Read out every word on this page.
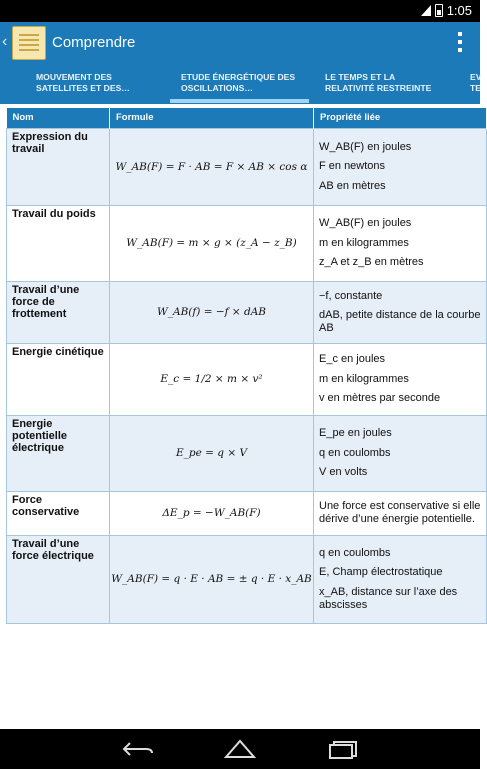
1:05
‹	Comprendre
MOUVEMENT DES
SATELLITES ET DES…
ETUDE ÉNERGÉTIQUE DES
OSCILLATIONS…
LE TEMPS ET LA
RELATIVITÉ RESTREINTE
EV
TE
Nom	Formule	Propriété liée
Expression du travail	W_AB(F) = F · AB = F × AB × cos α	W_AB(F) en joules
F en newtons
AB en mètres

Travail du poids	W_AB(F) = m × g × (z_A − z_B)	W_AB(F) en joules
m en kilogrammes
z_A et z_B en mètres

Travail d’une force de frottement	W_AB(f) = −f × dAB	−f, constante
dAB, petite distance de la courbe AB

Energie cinétique	E_c = 1/2 × m × v²	E_c en joules
m en kilogrammes
v en mètres par seconde

Energie potentielle électrique	E_pe = q × V	E_pe en joules
q en coulombs
V en volts

Force conservative	ΔE_p = −W_AB(F)	Une force est conservative si elle dérive d’une énergie potentielle.

Travail d’une force électrique	W_AB(F) = q · E · AB = ± q · E · x_AB	q en coulombs
E, Champ électrostatique
x_AB, distance sur l’axe des abscisses
